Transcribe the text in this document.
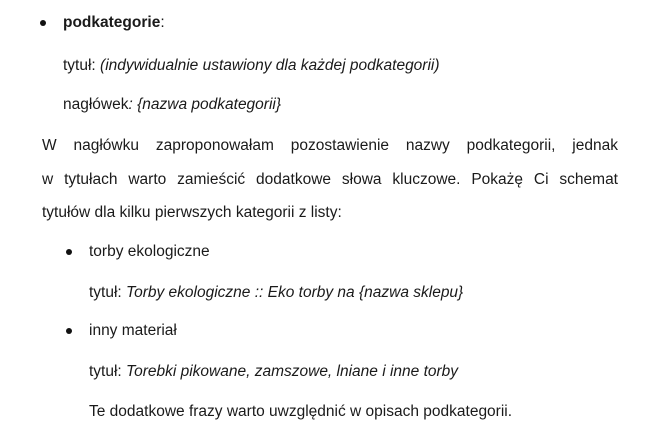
podkategorie:
tytuł: (indywidualnie ustawiony dla każdej podkategorii)
nagłówek: {nazwa podkategorii}
W nagłówku zaproponowałam pozostawienie nazwy podkategorii, jednak
w tytułach warto zamieścić dodatkowe słowa kluczowe. Pokażę Ci schemat
tytułów dla kilku pierwszych kategorii z listy:
torby ekologiczne
tytuł: Torby ekologiczne :: Eko torby na {nazwa sklepu}
inny materiał
tytuł: Torebki pikowane, zamszowe, lniane i inne torby
Te dodatkowe frazy warto uwzględnić w opisach podkategorii.
